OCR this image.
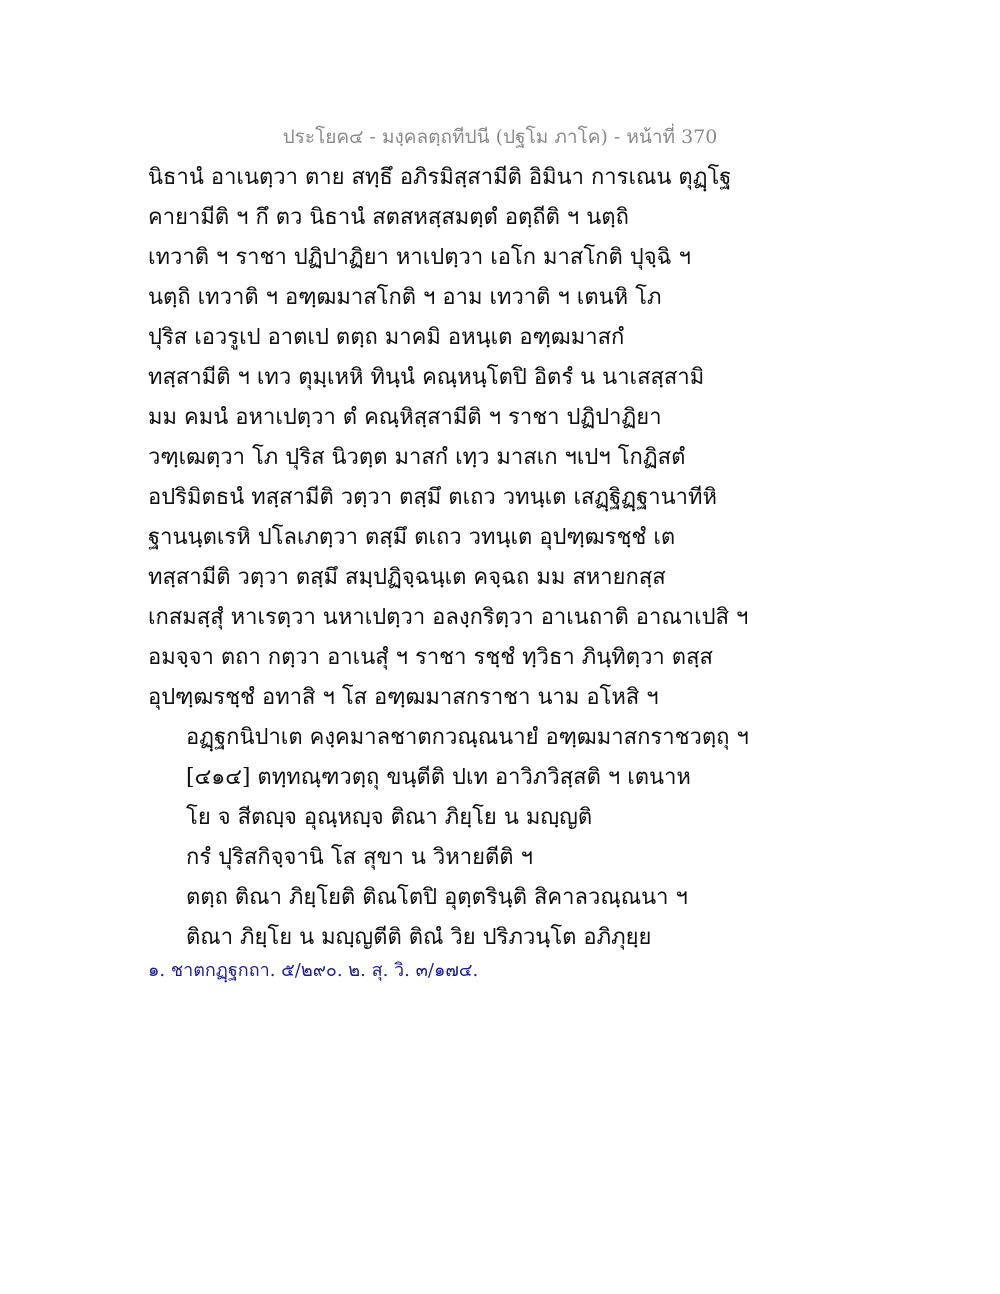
ประโยค๔ - มงฺคลตฺถทีปนี (ปฐโม ภาโค) - หน้าที่ 370
นิธานํ อาเนตฺวา ตาย สทฺธึ อภิรมิสฺสามีติ อิมินา การเณน ตุฏฺโฐ
คายามีติ ฯ กึ ตว นิธานํ สตสหสฺสมตฺตํ อตฺถีติ ฯ นตฺถิ
เทวาติ ฯ ราชา ปฏิปาฏิยา หาเปตฺวา เอโก มาสโกติ ปุจฺฉิ ฯ
นตฺถิ เทวาติ ฯ อฑฺฒมาสโกติ ฯ อาม เทวาติ ฯ เตนหิ โภ
ปุริส เอวรูเป อาตเป ตตฺถ มาคมิ อหนฺเต อฑฺฒมาสกํ
ทสฺสามีติ ฯ เทว ตุมฺเหหิ ทินฺนํ คณฺหนฺโตปิ อิตรํ น นาเสสฺสามิ
มม คมนํ อหาเปตฺวา ตํ คณฺหิสฺสามีติ ฯ ราชา ปฏิปาฏิยา
วฑฺเฒตฺวา โภ ปุริส นิวตฺต มาสกํ เทฺว มาสเก ฯเปฯ โกฏิสตํ
อปริมิตธนํ ทสฺสามีติ วตฺวา ตสฺมึ ตเถว วทนฺเต เสฏฺฐิฏฺฐานาทีหิ
ฐานนฺตเรหิ ปโลเภตฺวา ตสฺมึ ตเถว วทนฺเต อุปฑฺฒรชฺชํ เต
ทสฺสามีติ วตฺวา ตสฺมึ สมฺปฏิจฺฉนฺเต คจฺฉถ มม สหายกสฺส
เกสมสฺสุํ หาเรตฺวา นหาเปตฺวา อลงฺกริตฺวา อาเนถาติ อาณาเปสิ ฯ
อมจฺจา ตถา กตฺวา อาเนสุํ ฯ ราชา รชฺชํ ทฺวิธา ภินฺทิตฺวา ตสฺส
อุปฑฺฒรชฺชํ อทาสิ ฯ โส อฑฺฒมาสกราชา นาม อโหสิ ฯ
อฏฺฐกนิปาเต คงฺคมาลชาตกวณฺณนายํ อฑฺฒมาสกราชวตฺถุ ฯ
[๔๑๔] ตทฺทณฺฑวตฺถุ ขนฺตีติ ปเท อาวิภวิสฺสติ ฯ เตนาห
โย จ สีตญฺจ อุณฺหญฺจ ติณา ภิยฺโย น มญฺญติ
กรํ ปุริสกิจฺจานิ โส สุขา น วิหายตีติ ฯ
ตตฺถ ติณา ภิยฺโยติ ติณโตปิ อุตฺตรินฺติ สิคาลวณฺณนา ฯ
ติณา ภิยฺโย น มญฺญตีติ ติณํ วิย ปริภวนฺโต อภิภุยฺย
๑. ชาตกฏฺฐกถา. ๕/๒๙๐. ๒. สุ. วิ. ๓/๑๗๔.
